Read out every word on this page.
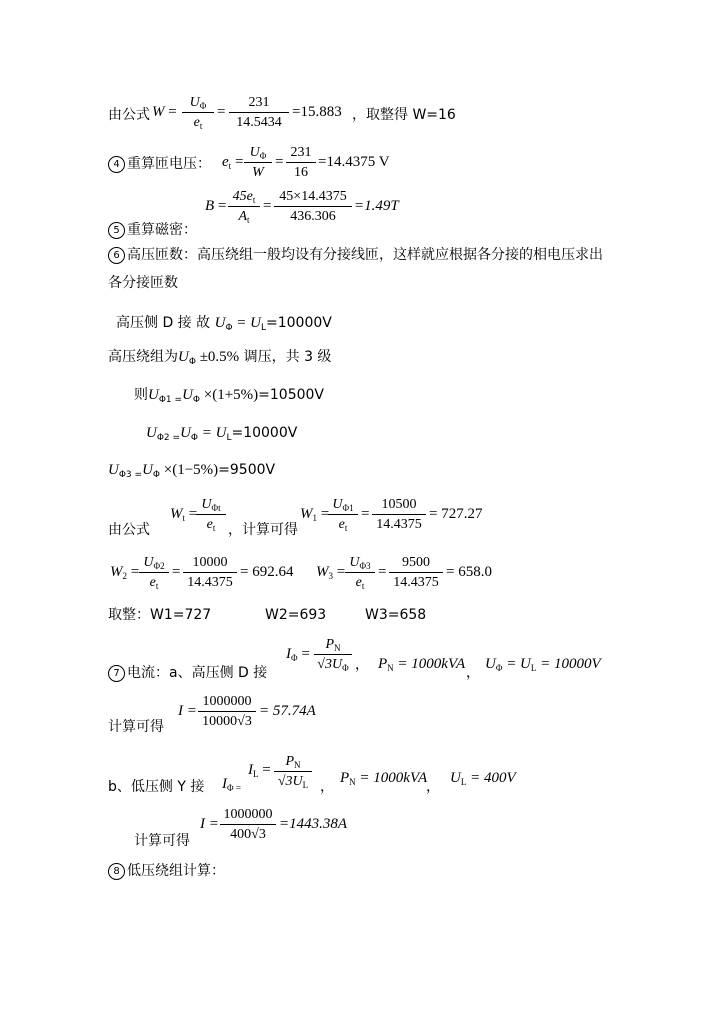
由公式 $W = \frac{U_\Phi}{e_t} = \frac{231}{14.5434} =15.883$ ，取整得 W=16
4 重算匝电压： $e_t = \frac{U_\Phi}{W} = \frac{231}{16} =14.4375$ V
$B = \frac{45e_t}{A_t} = \frac{45\times 14.4375}{436.306} =1.49T$
5 重算磁密：
6 高压匝数：高压绕组一般均设有分接线匝，这样就应根据各分接的相电压求出
各分接匝数
高压侧 D 接 故 $U_\Phi = U_L=10000V$
高压绕组为$U_\Phi \pm 0.5\%$ 调压，共 3 级
则$U_{\Phi 1 =}U_\Phi \times(1+5\%)=10500V$
$U_{\Phi 2 =}U_\Phi = U_L=10000V$
$U_{\Phi 3 =}U_\Phi \times(1-5\%)=9500V$
由公式
$W_t$ =
$U_{\Phi t}$
$e_t$ ，计算可得
$W_1$ =
$\frac{U_{\Phi 1}}{e_t} = \frac{10500}{14.4375} = 727.27$
$W_2 = \frac{U_{\Phi 2}}{e_t} = \frac{10000}{14.4375} = 692.64$ $W_3 = \frac{U_{\Phi 3}}{e_t} = \frac{9500}{14.4375} = 658.0$
取整：W1=727	W2=693	W3=658
7 电流：a、高压侧 D 接
$I_\Phi = \frac{P_N}{√3U_\Phi}$ ， $P_N = 1000kVA$
，
$U_\Phi = U_L = 10000V$
$I = \frac{1000000}{10000√3} = 57.74A$
计算可得
b、低压侧 Y 接 $I_{\Phi =}$
$I_L = \frac{P_N}{√3U_L}$ ，
$P_N = 1000kVA$
，
$U_L = 400V$
$I = \frac{1000000}{400√3} =1443.38A$
计算可得
8 低压绕组计算：
